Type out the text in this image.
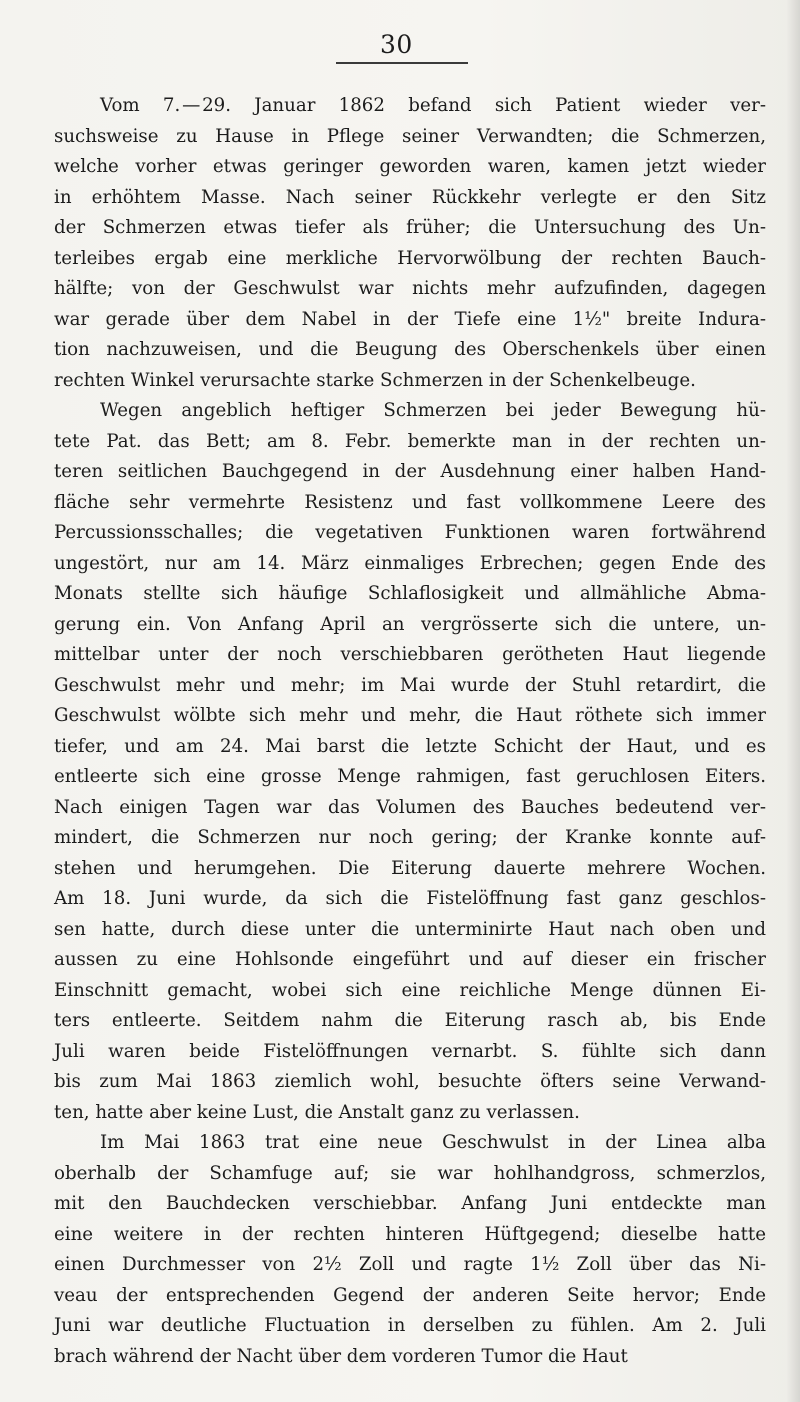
30
Vom 7. — 29. Januar 1862 befand sich Patient wieder ver-
suchsweise zu Hause in Pflege seiner Verwandten; die Schmerzen,
welche vorher etwas geringer geworden waren, kamen jetzt wieder
in erhöhtem Masse. Nach seiner Rückkehr verlegte er den Sitz
der Schmerzen etwas tiefer als früher; die Untersuchung des Un-
terleibes ergab eine merkliche Hervorwölbung der rechten Bauch-
hälfte; von der Geschwulst war nichts mehr aufzufinden, dagegen
war gerade über dem Nabel in der Tiefe eine 1½" breite Indura-
tion nachzuweisen, und die Beugung des Oberschenkels über einen
rechten Winkel verursachte starke Schmerzen in der Schenkelbeuge.
Wegen angeblich heftiger Schmerzen bei jeder Bewegung hü-
tete Pat. das Bett; am 8. Febr. bemerkte man in der rechten un-
teren seitlichen Bauchgegend in der Ausdehnung einer halben Hand-
fläche sehr vermehrte Resistenz und fast vollkommene Leere des
Percussionsschalles; die vegetativen Funktionen waren fortwährend
ungestört, nur am 14. März einmaliges Erbrechen; gegen Ende des
Monats stellte sich häufige Schlaflosigkeit und allmähliche Abma-
gerung ein. Von Anfang April an vergrösserte sich die untere, un-
mittelbar unter der noch verschiebbaren gerötheten Haut liegende
Geschwulst mehr und mehr; im Mai wurde der Stuhl retardirt, die
Geschwulst wölbte sich mehr und mehr, die Haut röthete sich immer
tiefer, und am 24. Mai barst die letzte Schicht der Haut, und es
entleerte sich eine grosse Menge rahmigen, fast geruchlosen Eiters.
Nach einigen Tagen war das Volumen des Bauches bedeutend ver-
mindert, die Schmerzen nur noch gering; der Kranke konnte auf-
stehen und herumgehen. Die Eiterung dauerte mehrere Wochen.
Am 18. Juni wurde, da sich die Fistelöffnung fast ganz geschlos-
sen hatte, durch diese unter die unterminirte Haut nach oben und
aussen zu eine Hohlsonde eingeführt und auf dieser ein frischer
Einschnitt gemacht, wobei sich eine reichliche Menge dünnen Ei-
ters entleerte. Seitdem nahm die Eiterung rasch ab, bis Ende
Juli waren beide Fistelöffnungen vernarbt. S. fühlte sich dann
bis zum Mai 1863 ziemlich wohl, besuchte öfters seine Verwand-
ten, hatte aber keine Lust, die Anstalt ganz zu verlassen.
Im Mai 1863 trat eine neue Geschwulst in der Linea alba
oberhalb der Schamfuge auf; sie war hohlhandgross, schmerzlos,
mit den Bauchdecken verschiebbar. Anfang Juni entdeckte man
eine weitere in der rechten hinteren Hüftgegend; dieselbe hatte
einen Durchmesser von 2½ Zoll und ragte 1½ Zoll über das Ni-
veau der entsprechenden Gegend der anderen Seite hervor; Ende
Juni war deutliche Fluctuation in derselben zu fühlen. Am 2. Juli
brach während der Nacht über dem vorderen Tumor die Haut
